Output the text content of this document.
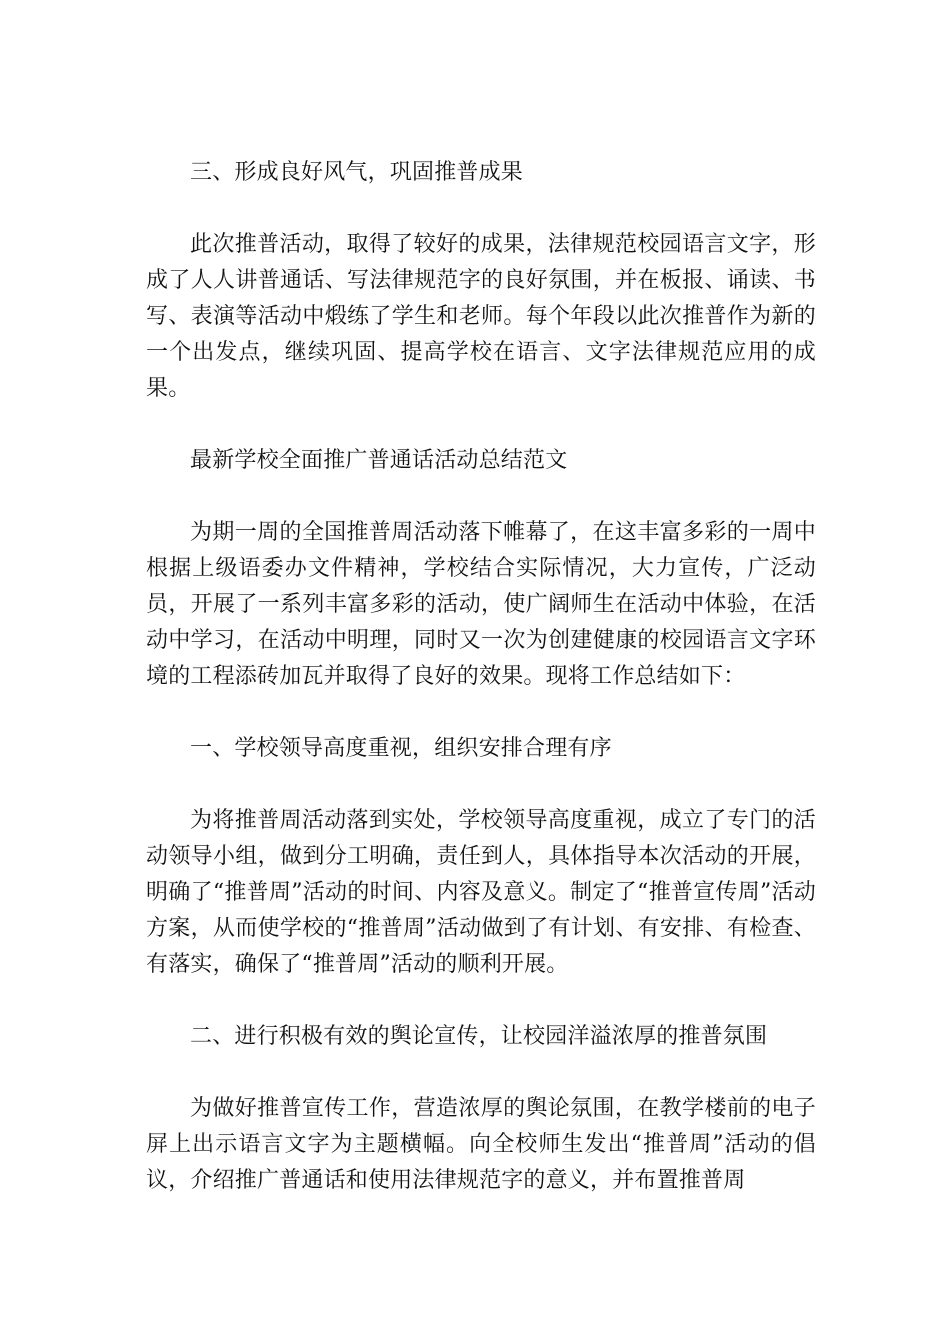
三、形成良好风气，巩固推普成果

此次推普活动，取得了较好的成果，法律规范校园语言文字，形成了人人讲普通话、写法律规范字的良好氛围，并在板报、诵读、书写、表演等活动中煅练了学生和老师。每个年段以此次推普作为新的一个出发点，继续巩固、提高学校在语言、文字法律规范应用的成果。

最新学校全面推广普通话活动总结范文

为期一周的全国推普周活动落下帷幕了，在这丰富多彩的一周中根据上级语委办文件精神，学校结合实际情况，大力宣传，广泛动员，开展了一系列丰富多彩的活动，使广阔师生在活动中体验，在活动中学习，在活动中明理，同时又一次为创建健康的校园语言文字环境的工程添砖加瓦并取得了良好的效果。现将工作总结如下：

一、学校领导高度重视，组织安排合理有序

为将推普周活动落到实处，学校领导高度重视，成立了专门的活动领导小组，做到分工明确，责任到人，具体指导本次活动的开展，明确了“推普周”活动的时间、内容及意义。制定了“推普宣传周”活动方案，从而使学校的“推普周”活动做到了有计划、有安排、有检查、有落实，确保了“推普周”活动的顺利开展。

二、进行积极有效的舆论宣传，让校园洋溢浓厚的推普氛围

为做好推普宣传工作，营造浓厚的舆论氛围，在教学楼前的电子屏上出示语言文字为主题横幅。向全校师生发出“推普周”活动的倡议，介绍推广普通话和使用法律规范字的意义，并布置推普周
